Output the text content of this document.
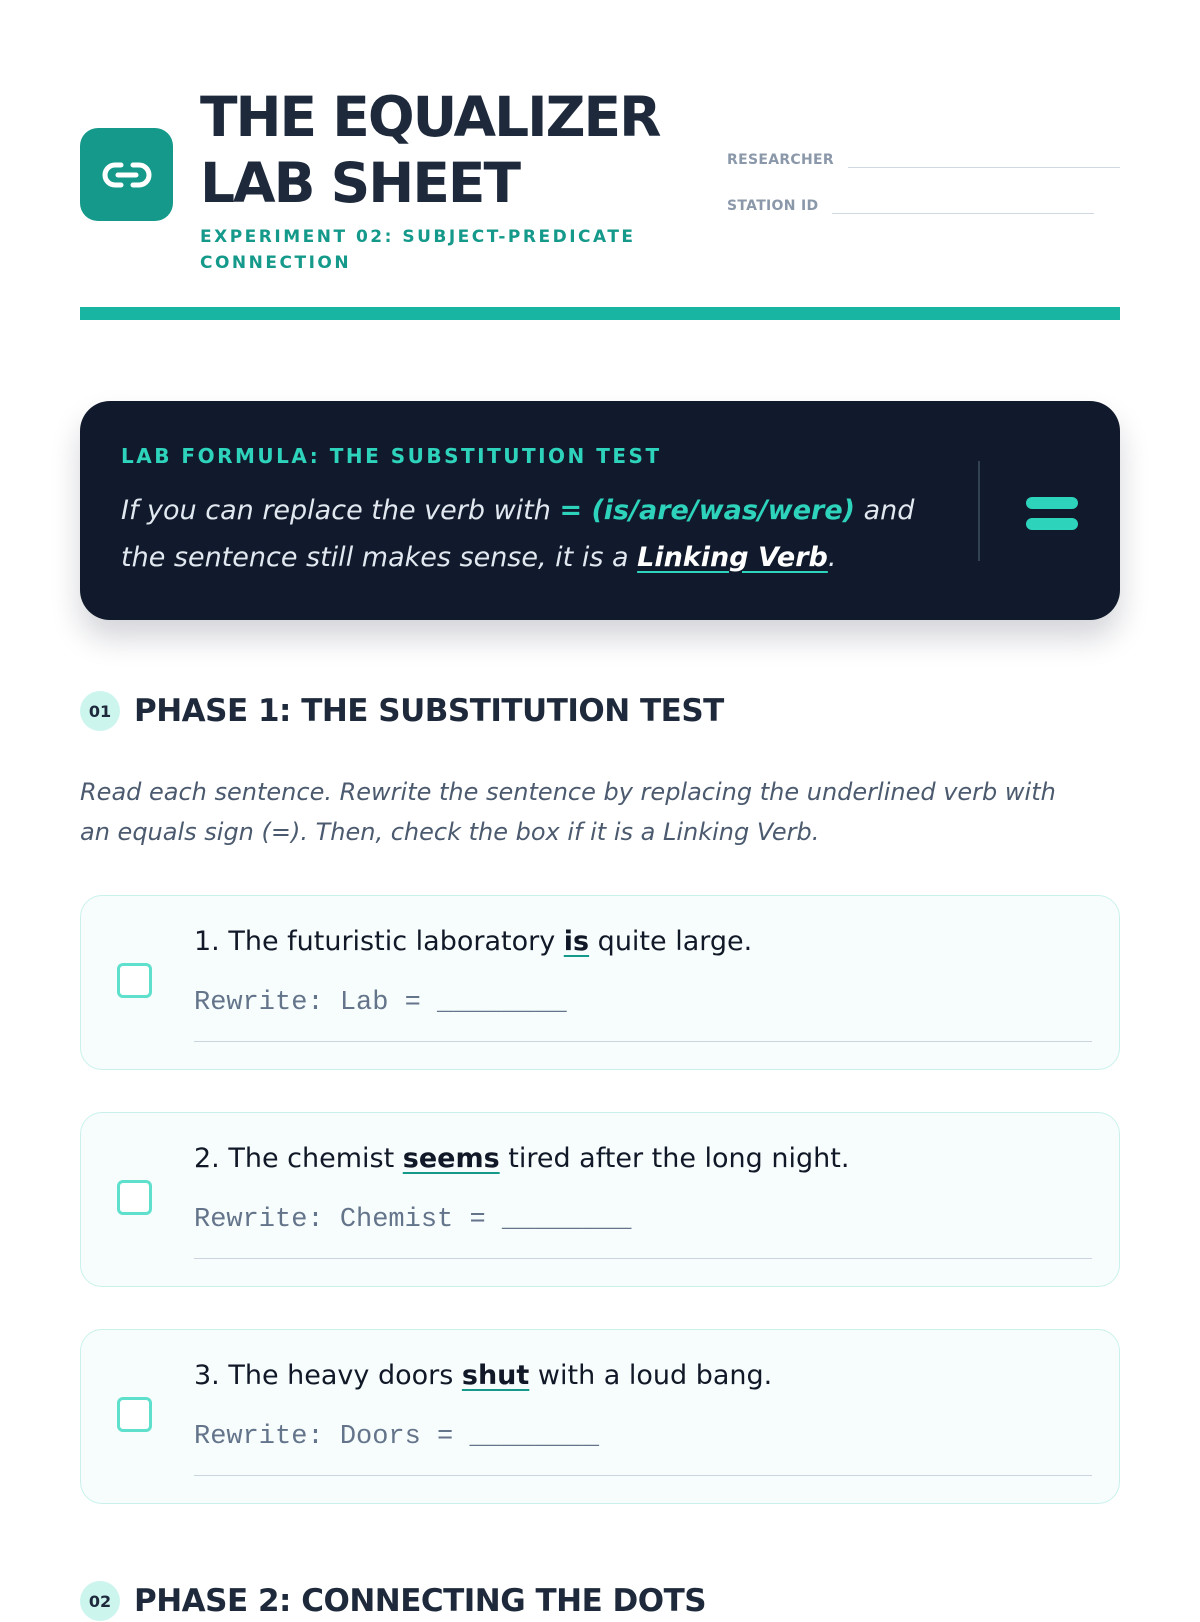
THE EQUALIZER
LAB SHEET
EXPERIMENT 02: SUBJECT-PREDICATE CONNECTION
RESEARCHER
STATION ID
LAB FORMULA: THE SUBSTITUTION TEST
If you can replace the verb with = (is/are/was/were) and the sentence still makes sense, it is a Linking Verb.
01 PHASE 1: THE SUBSTITUTION TEST
Read each sentence. Rewrite the sentence by replacing the underlined verb with an equals sign (=). Then, check the box if it is a Linking Verb.
1. The futuristic laboratory is quite large.
Rewrite: Lab = ________
2. The chemist seems tired after the long night.
Rewrite: Chemist = ________
3. The heavy doors shut with a loud bang.
Rewrite: Doors = ________
02 PHASE 2: CONNECTING THE DOTS
